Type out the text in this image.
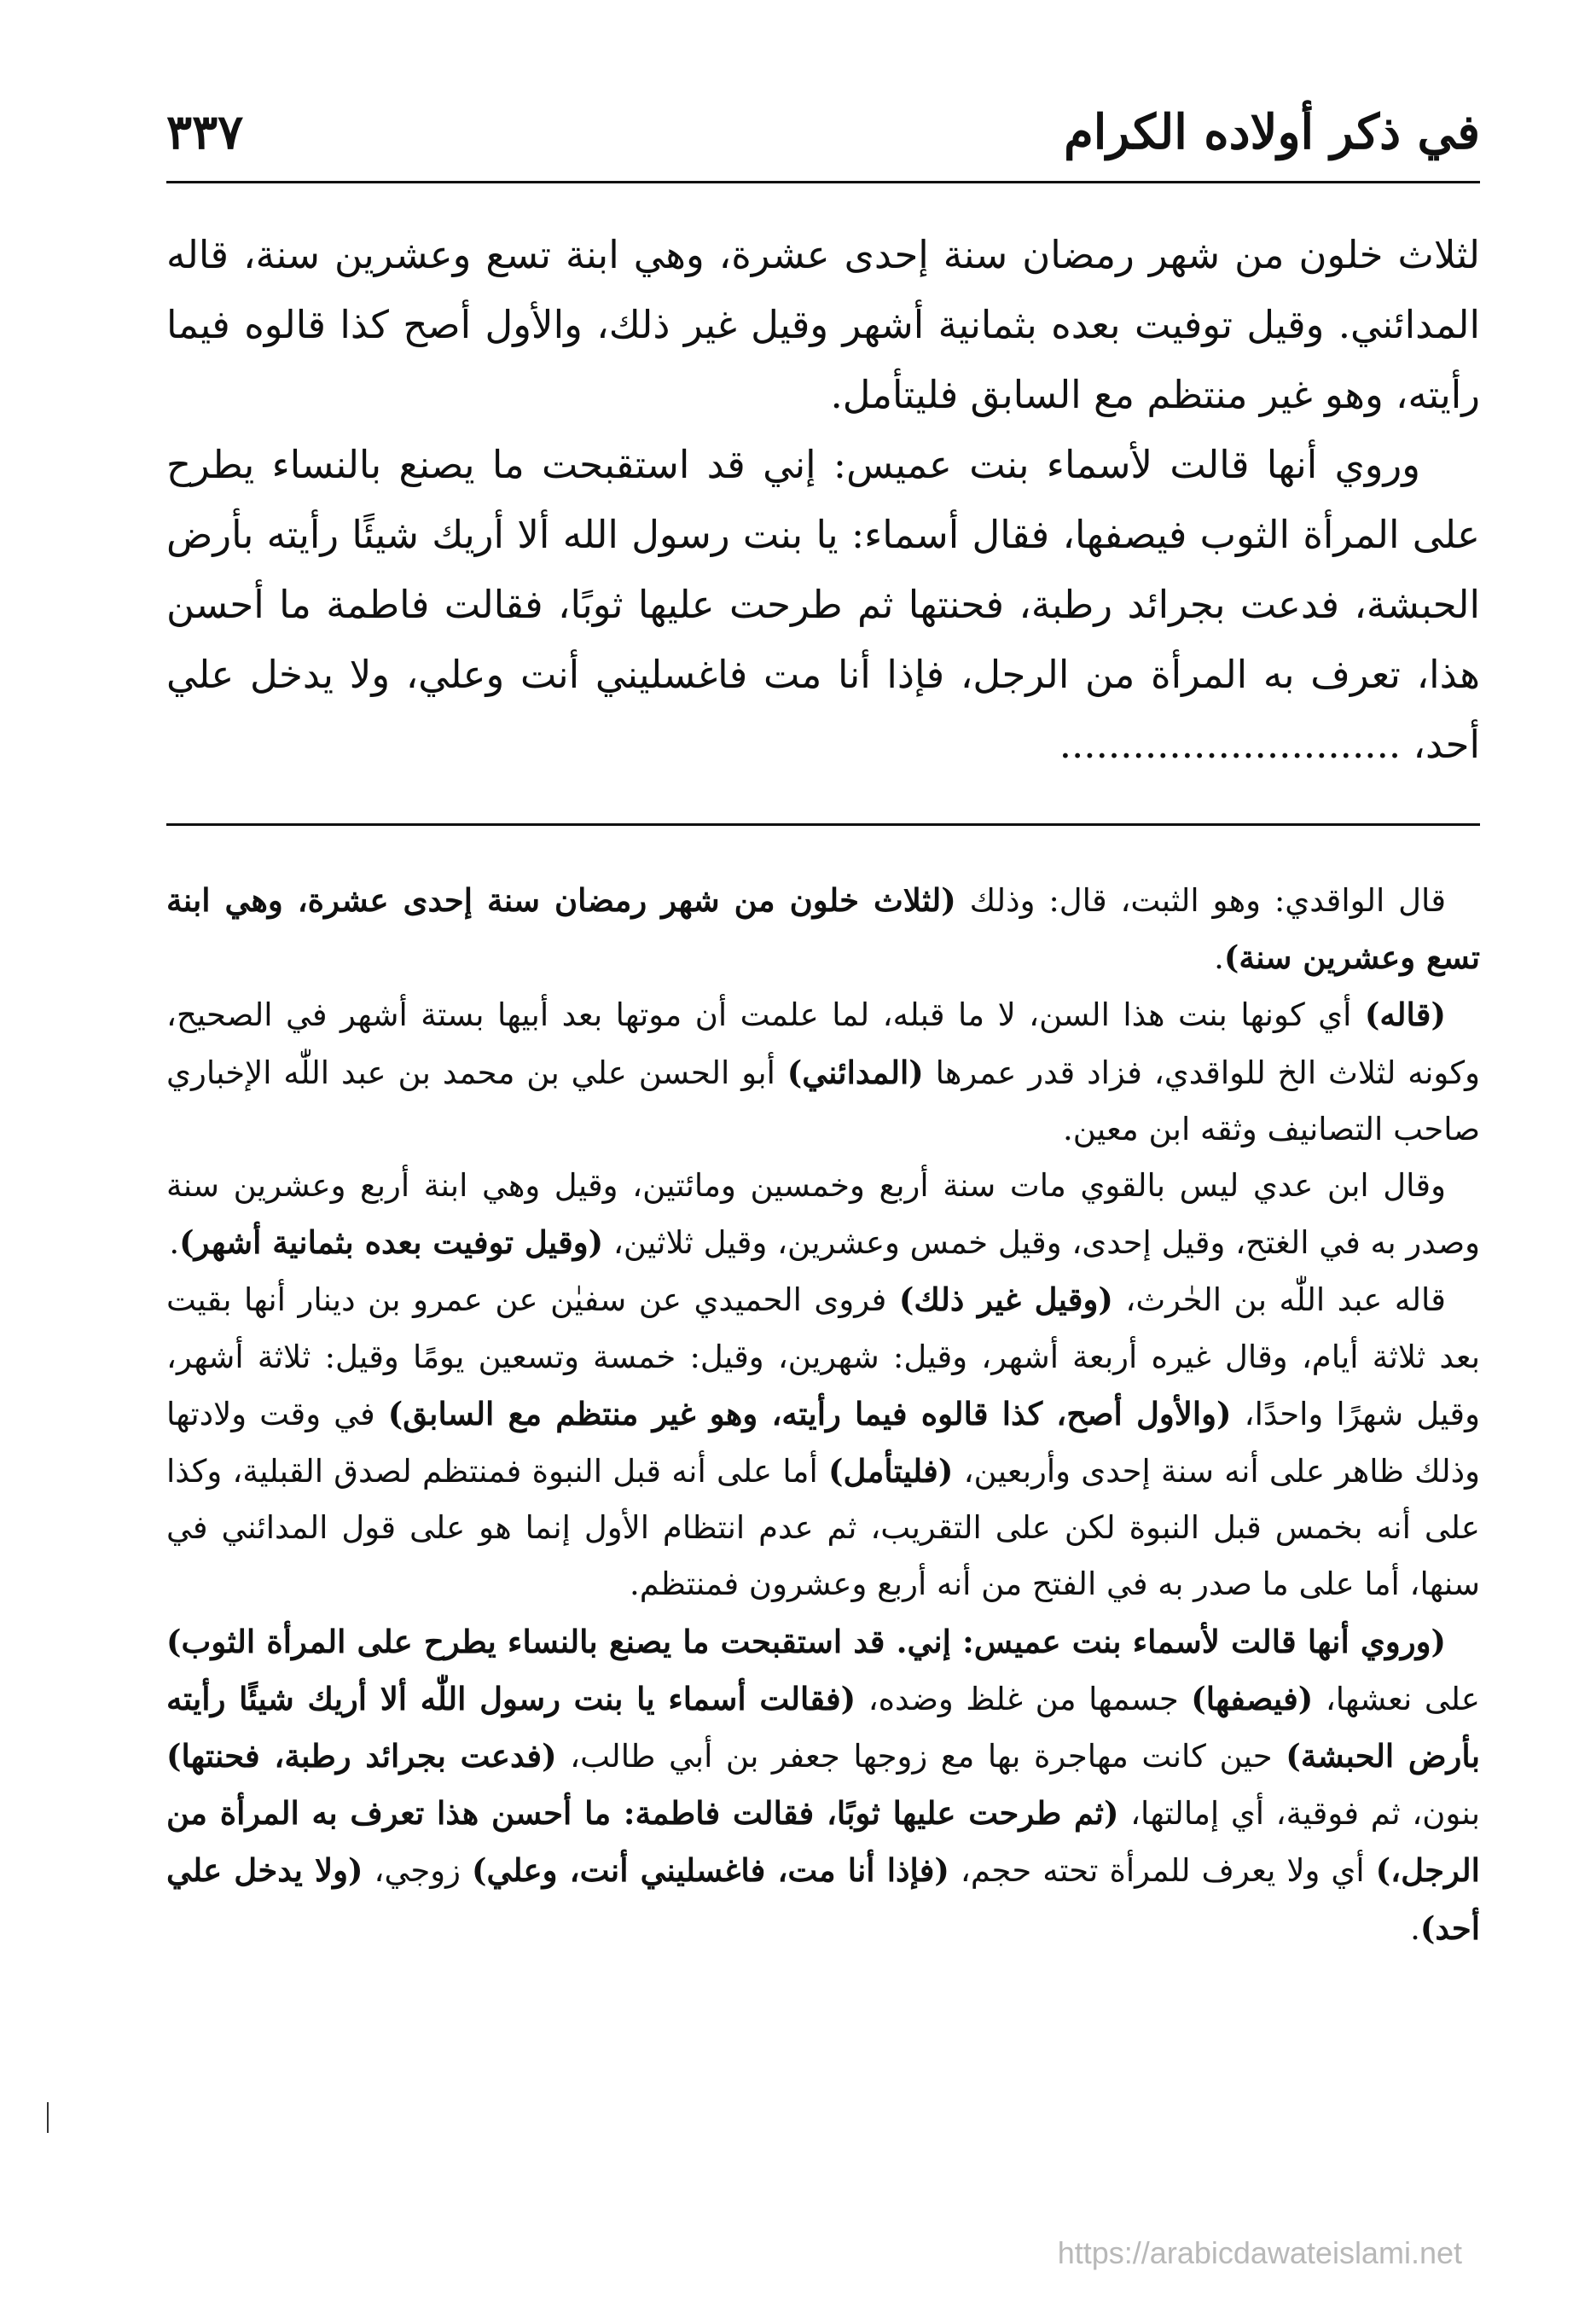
في ذكر أولاده الكرام
٣٣٧

لثلاث خلون من شهر رمضان سنة إحدى عشرة، وهي ابنة تسع وعشرين سنة، قاله المدائني. وقيل توفيت بعده بثمانية أشهر وقيل غير ذلك، والأول أصح كذا قالوه فيما رأيته، وهو غير منتظم مع السابق فليتأمل.

وروي أنها قالت لأسماء بنت عميس: إني قد استقبحت ما يصنع بالنساء يطرح على المرأة الثوب فيصفها، فقال أسماء: يا بنت رسول الله ألا أريك شيئًا رأيته بأرض الحبشة، فدعت بجرائد رطبة، فحنتها ثم طرحت عليها ثوبًا، فقالت فاطمة ما أحسن هذا، تعرف به المرأة من الرجل، فإذا أنا مت فاغسليني أنت وعلي، ولا يدخل علي أحد، ............................

قال الواقدي: وهو الثبت، قال: وذلك (لثلاث خلون من شهر رمضان سنة إحدى عشرة، وهي ابنة تسع وعشرين سنة).

(قاله) أي كونها بنت هذا السن، لا ما قبله، لما علمت أن موتها بعد أبيها بستة أشهر في الصحيح، وكونه لثلاث الخ للواقدي، فزاد قدر عمرها (المدائني) أبو الحسن علي بن محمد بن عبد اللّٰه الإخباري صاحب التصانيف وثقه ابن معين.

وقال ابن عدي ليس بالقوي مات سنة أربع وخمسين ومائتين، وقيل وهي ابنة أربع وعشرين سنة وصدر به في الغتح، وقيل إحدى، وقيل خمس وعشرين، وقيل ثلاثين، (وقيل توفيت بعده بثمانية أشهر).

قاله عبد اللّٰه بن الحٰرث، (وقيل غير ذلك) فروى الحميدي عن سفيٰن عن عمرو بن دينار أنها بقيت بعد ثلاثة أيام، وقال غيره أربعة أشهر، وقيل: شهرين، وقيل: خمسة وتسعين يومًا وقيل: ثلاثة أشهر، وقيل شهرًا واحدًا، (والأول أصح، كذا قالوه فيما رأيته، وهو غير منتظم مع السابق) في وقت ولادتها وذلك ظاهر على أنه سنة إحدى وأربعين، (فليتأمل) أما على أنه قبل النبوة فمنتظم لصدق القبلية، وكذا على أنه بخمس قبل النبوة لكن على التقريب، ثم عدم انتظام الأول إنما هو على قول المدائني في سنها، أما على ما صدر به في الفتح من أنه أربع وعشرون فمنتظم.

(وروي أنها قالت لأسماء بنت عميس: إني. قد استقبحت ما يصنع بالنساء يطرح على المرأة الثوب) على نعشها، (فيصفها) جسمها من غلظ وضده، (فقالت أسماء يا بنت رسول اللّٰه ألا أريك شيئًا رأيته بأرض الحبشة) حين كانت مهاجرة بها مع زوجها جعفر بن أبي طالب، (فدعت بجرائد رطبة، فحنتها) بنون، ثم فوقية، أي إمالتها، (ثم طرحت عليها ثوبًا، فقالت فاطمة: ما أحسن هذا تعرف به المرأة من الرجل،) أي ولا يعرف للمرأة تحته حجم، (فإذا أنا مت، فاغسليني أنت، وعلي) زوجي، (ولا يدخل علي أحد).

https://arabicdawateislami.net
